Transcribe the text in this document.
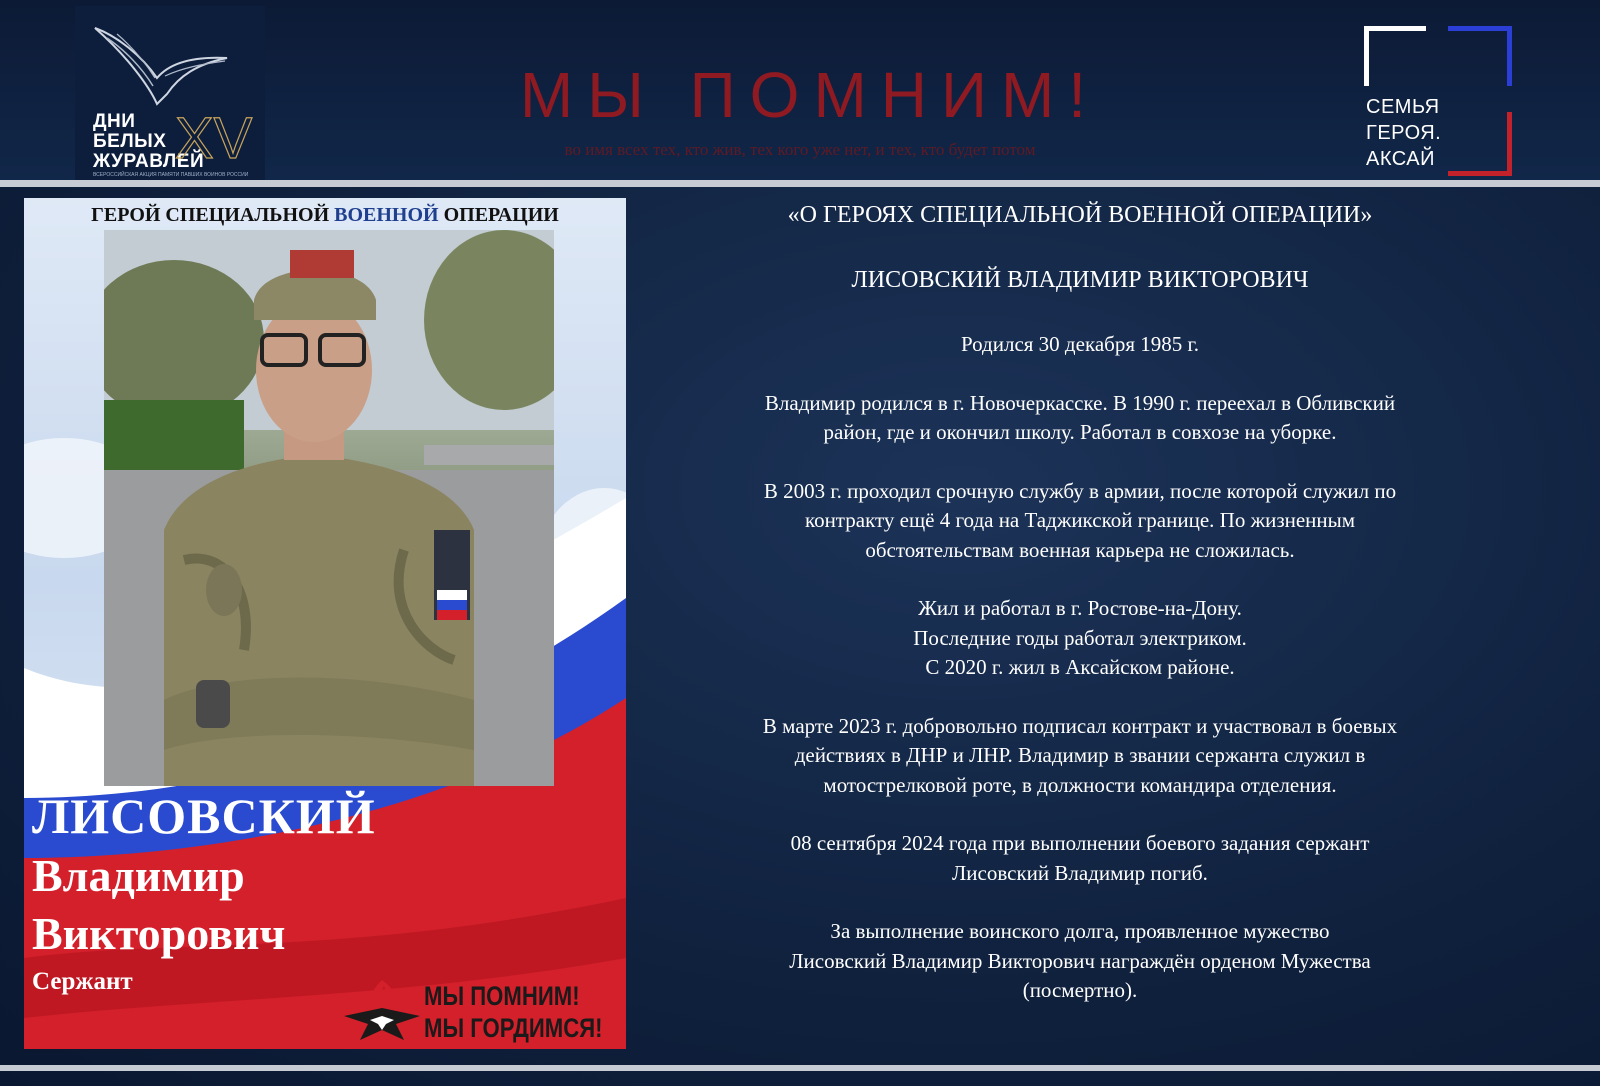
ДНИ
БЕЛЫХ
ЖУРАВЛЕЙ
XV
ВСЕРОССИЙСКАЯ АКЦИЯ ПАМЯТИ ПАВШИХ ВОИНОВ РОССИИ
МЫ ПОМНИМ!
во имя всех тех, кто жив, тех кого уже нет, и тех, кто будет потом
СЕМЬЯ
ГЕРОЯ.
АКСАЙ
ГЕРОЙ СПЕЦИАЛЬНОЙ ВОЕННОЙ ОПЕРАЦИИ
ЛИСОВСКИЙ
Владимир
Викторович
Сержант	МЫ ПОМНИМ!
МЫ ГОРДИМСЯ!

«О ГЕРОЯХ СПЕЦИАЛЬНОЙ ВОЕННОЙ ОПЕРАЦИИ»

ЛИСОВСКИЙ ВЛАДИМИР ВИКТОРОВИЧ

Родился 30 декабря 1985 г.

Владимир родился в г. Новочеркасске. В 1990 г. переехал в Обливский

район, где и окончил школу. Работал в совхозе на уборке.

В 2003 г. проходил срочную службу в армии, после которой служил по

контракту ещё 4 года на Таджикской границе. По жизненным

обстоятельствам военная карьера не сложилась.

Жил и работал в г. Ростове-на-Дону.

Последние годы работал электриком.

С 2020 г. жил в Аксайском районе.

В марте 2023 г. добровольно подписал контракт и участвовал в боевых

действиях в ДНР и ЛНР. Владимир в звании сержанта служил в

мотострелковой роте, в должности командира отделения.

08 сентября 2024 года при выполнении боевого задания сержант

Лисовский Владимир погиб.

За выполнение воинского долга, проявленное мужество

Лисовский Владимир Викторович награждён орденом Мужества

(посмертно).
